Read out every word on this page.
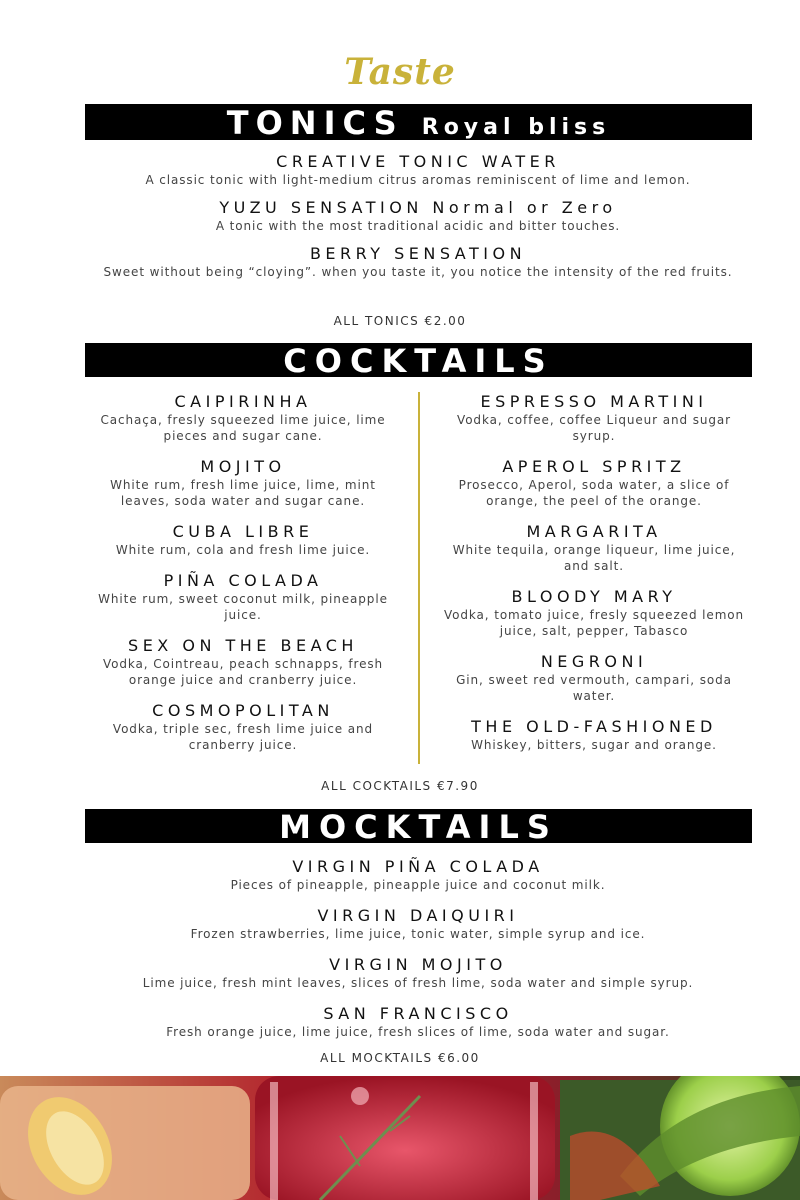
Taste
TONICS Royal bliss
CREATIVE TONIC WATER
A classic tonic with light-medium citrus aromas reminiscent of lime and lemon.
YUZU SENSATION Normal or Zero
A tonic with the most traditional acidic and bitter touches.
BERRY SENSATION
Sweet without being “cloying”. when you taste it, you notice the intensity of the red fruits.
ALL TONICS €2.00
COCKTAILS
CAIPIRINHA
Cachaça, fresly squeezed lime juice, lime pieces and sugar cane.
MOJITO
White rum, fresh lime juice, lime, mint leaves, soda water and sugar cane.
CUBA LIBRE
White rum, cola and fresh lime juice.
PIÑA COLADA
White rum, sweet coconut milk, pineapple juice.
SEX ON THE BEACH
Vodka, Cointreau, peach schnapps, fresh orange juice and cranberry juice.
COSMOPOLITAN
Vodka, triple sec, fresh lime juice and cranberry juice.
ESPRESSO MARTINI
Vodka, coffee, coffee Liqueur and sugar syrup.
APEROL SPRITZ
Prosecco, Aperol, soda water, a slice of orange, the peel of the orange.
MARGARITA
White tequila, orange liqueur, lime juice, and salt.
BLOODY MARY
Vodka, tomato juice, fresly squeezed lemon juice, salt, pepper, Tabasco
NEGRONI
Gin, sweet red vermouth, campari, soda water.
THE OLD-FASHIONED
Whiskey, bitters, sugar and orange.
ALL COCKTAILS €7.90
MOCKTAILS
VIRGIN PIÑA COLADA
Pieces of pineapple, pineapple juice and coconut milk.
VIRGIN DAIQUIRI
Frozen strawberries, lime juice, tonic water, simple syrup and ice.
VIRGIN MOJITO
Lime juice, fresh mint leaves, slices of fresh lime, soda water and simple syrup.
SAN FRANCISCO
Fresh orange juice, lime juice, fresh slices of lime, soda water and sugar.
ALL MOCKTAILS €6.00
